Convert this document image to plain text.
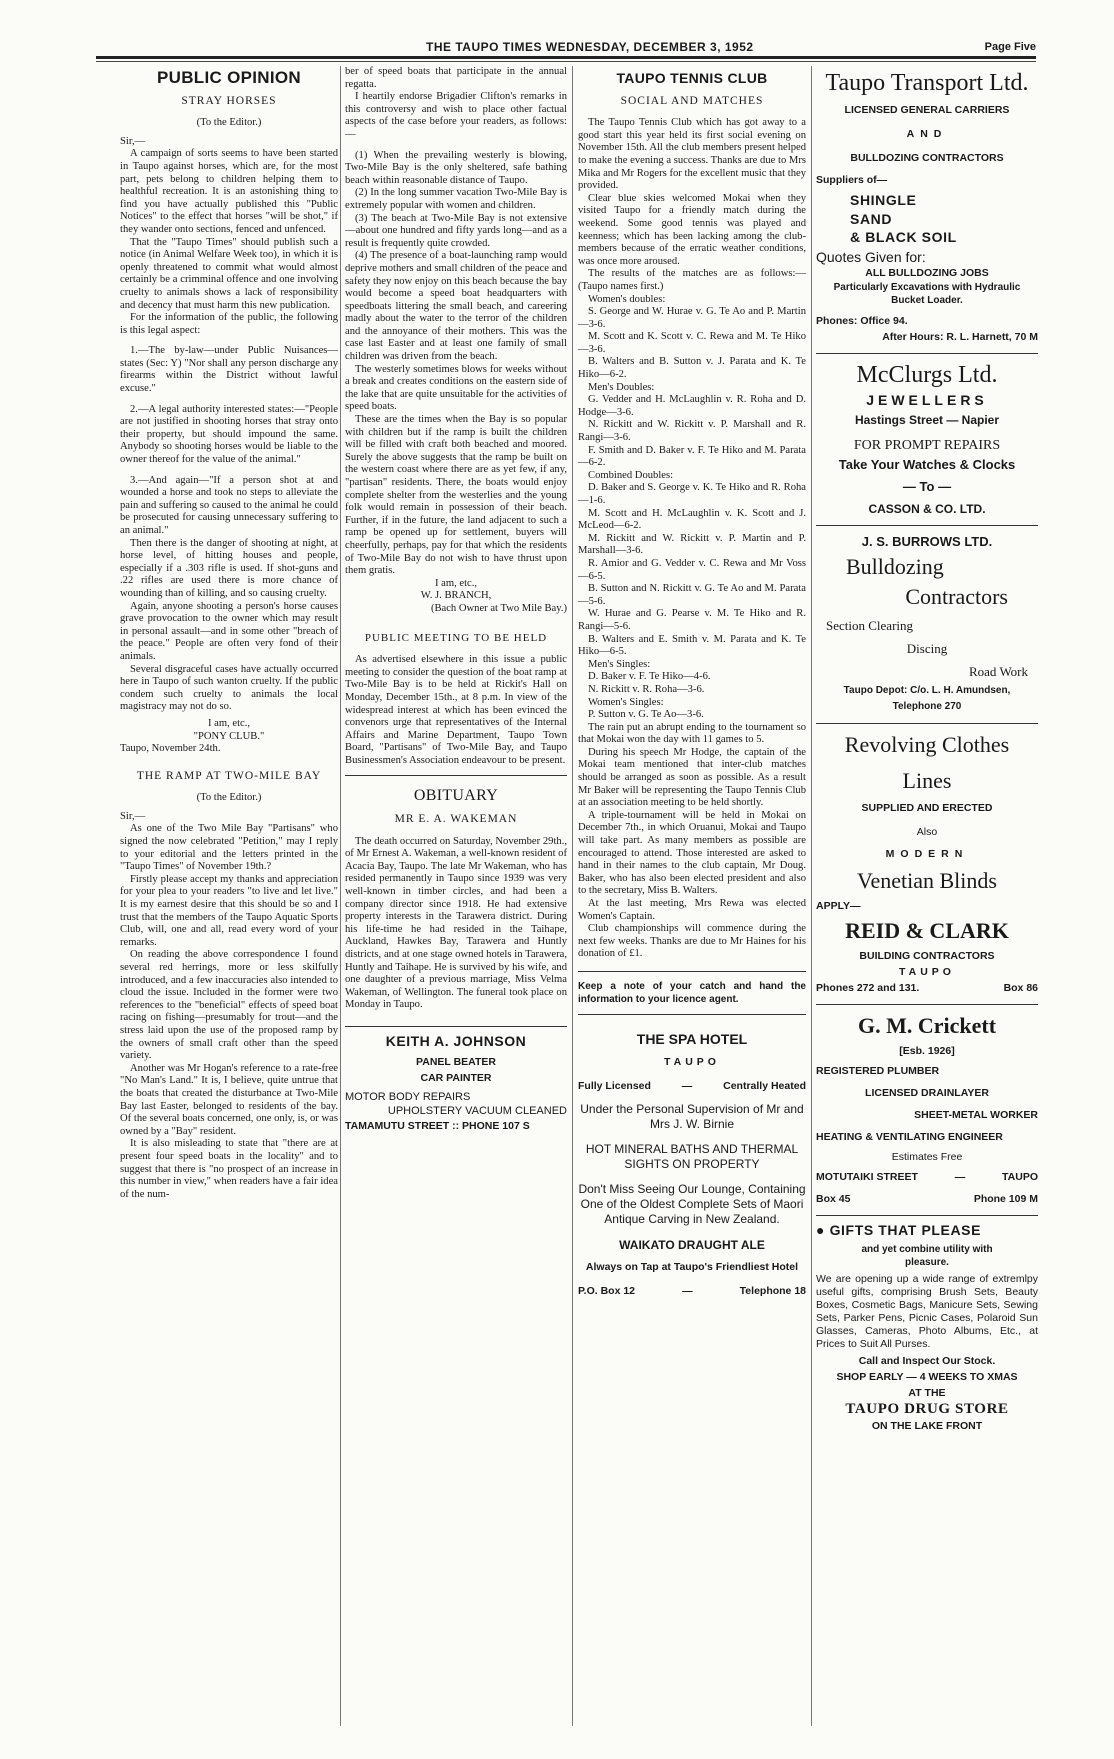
THE TAUPO TIMES WEDNESDAY, DECEMBER 3, 1952	Page Five
PUBLIC OPINION
STRAY HORSES
(To the Editor.)

Sir,—

A campaign of sorts seems to have been started in Taupo against horses, which are, for the most part, pets belong to children helping them to healthful recreation. It is an astonishing thing to find you have actually published this "Public Notices" to the effect that horses "will be shot," if they wander onto sections, fenced and unfenced.

That the "Taupo Times" should publish such a notice (in Animal Welfare Week too), in which it is openly threatened to commit what would almost certainly be a crimminal offence and one involving cruelty to animals shows a lack of responsibility and decency that must harm this new publication.

For the information of the public, the following is this legal aspect:

1.—The by-law—under Public Nuisances—states (Sec: Y) "Nor shall any person discharge any firearms within the District without lawful excuse."

2.—A legal authority interested states:—"People are not justified in shooting horses that stray onto their property, but should impound the same. Anybody so shooting horses would be liable to the owner thereof for the value of the animal."

3.—And again—"If a person shot at and wounded a horse and took no steps to alleviate the pain and suffering so caused to the animal he could be prosecuted for causing unnecessary suffering to an animal."

Then there is the danger of shooting at night, at horse level, of hitting houses and people, especially if a .303 rifle is used. If shot-guns and .22 rifles are used there is more chance of wounding than of killing, and so causing cruelty.

Again, anyone shooting a person's horse causes grave provocation to the owner which may result in personal assault—and in some other "breach of the peace." People are often very fond of their animals.

Several disgraceful cases have actually occurred here in Taupo of such wanton cruelty. If the public condem such cruelty to animals the local magistracy may not do so.

I am, etc.,

"PONY CLUB."

Taupo, November 24th.

THE RAMP AT TWO-MILE BAY
(To the Editor.)

Sir,—

As one of the Two Mile Bay "Partisans" who signed the now celebrated "Petition," may I reply to your editorial and the letters printed in the "Taupo Times" of November 19th.?

Firstly please accept my thanks and appreciation for your plea to your readers "to live and let live." It is my earnest desire that this should be so and I trust that the members of the Taupo Aquatic Sports Club, will, one and all, read every word of your remarks.

On reading the above correspondence I found several red herrings, more or less skilfully introduced, and a few inaccuracies also intended to cloud the issue. Included in the former were two references to the "beneficial" effects of speed boat racing on fishing—presumably for trout—and the stress laid upon the use of the proposed ramp by the owners of small craft other than the speed variety.

Another was Mr Hogan's reference to a rate-free "No Man's Land." It is, I believe, quite untrue that the boats that created the disturbance at Two-Mile Bay last Easter, belonged to residents of the bay. Of the several boats concerned, one only, is, or was owned by a "Bay" resident.

It is also misleading to state that "there are at present four speed boats in the locality" and to suggest that there is "no prospect of an increase in this number in view," when readers have a fair idea of the num-

ber of speed boats that participate in the annual regatta.

I heartily endorse Brigadier Clifton's remarks in this controversy and wish to place other factual aspects of the case before your readers, as follows:—

(1) When the prevailing westerly is blowing, Two-Mile Bay is the only sheltered, safe bathing beach within reasonable distance of Taupo.

(2) In the long summer vacation Two-Mile Bay is extremely popular with women and children.

(3) The beach at Two-Mile Bay is not extensive—about one hundred and fifty yards long—and as a result is frequently quite crowded.

(4) The presence of a boat-launching ramp would deprive mothers and small children of the peace and safety they now enjoy on this beach because the bay would become a speed boat headquarters with speedboats littering the small beach, and careering madly about the water to the terror of the children and the annoyance of their mothers. This was the case last Easter and at least one family of small children was driven from the beach.

The westerly sometimes blows for weeks without a break and creates conditions on the eastern side of the lake that are quite unsuitable for the activities of speed boats.

These are the times when the Bay is so popular with children but if the ramp is built the children will be filled with craft both beached and moored. Surely the above suggests that the ramp be built on the western coast where there are as yet few, if any, "partisan" residents. There, the boats would enjoy complete shelter from the westerlies and the young folk would remain in possession of their beach. Further, if in the future, the land adjacent to such a ramp be opened up for settlement, buyers will cheerfully, perhaps, pay for that which the residents of Two-Mile Bay do not wish to have thrust upon them gratis.

I am, etc.,

W. J. BRANCH,

(Bach Owner at Two Mile Bay.)

PUBLIC MEETING TO BE HELD

As advertised elsewhere in this issue a public meeting to consider the question of the boat ramp at Two-Mile Bay is to be held at Rickit's Hall on Monday, December 15th., at 8 p.m. In view of the widespread interest at which has been evinced the convenors urge that representatives of the Internal Affairs and Marine Department, Taupo Town Board, "Partisans" of Two-Mile Bay, and Taupo Businessmen's Association endeavour to be present.

OBITUARY
MR E. A. WAKEMAN

The death occurred on Saturday, November 29th., of Mr Ernest A. Wakeman, a well-known resident of Acacia Bay, Taupo. The late Mr Wakeman, who has resided permanently in Taupo since 1939 was very well-known in timber circles, and had been a company director since 1918. He had extensive property interests in the Tarawera district. During his life-time he had resided in the Taihape, Auckland, Hawkes Bay, Tarawera and Huntly districts, and at one stage owned hotels in Tarawera, Huntly and Taihape. He is survived by his wife, and one daughter of a previous marriage, Miss Velma Wakeman, of Wellington. The funeral took place on Monday in Taupo.

KEITH A. JOHNSON
PANEL BEATER
CAR PAINTER
MOTOR BODY REPAIRS
UPHOLSTERY VACUUM CLEANED
TAMAMUTU STREET :: PHONE 107 S
TAUPO TENNIS CLUB
SOCIAL AND MATCHES

The Taupo Tennis Club which has got away to a good start this year held its first social evening on November 15th. All the club members present helped to make the evening a success. Thanks are due to Mrs Mika and Mr Rogers for the excellent music that they provided.

Clear blue skies welcomed Mokai when they visited Taupo for a friendly match during the weekend. Some good tennis was played and keenness; which has been lacking among the club-members because of the erratic weather conditions, was once more aroused.

The results of the matches are as follows:— (Taupo names first.)

Women's doubles:

S. George and W. Hurae v. G. Te Ao and P. Martin—3-6.

M. Scott and K. Scott v. C. Rewa and M. Te Hiko—3-6.

B. Walters and B. Sutton v. J. Parata and K. Te Hiko—6-2.

Men's Doubles:

G. Vedder and H. McLaughlin v. R. Roha and D. Hodge—3-6.

N. Rickitt and W. Rickitt v. P. Marshall and R. Rangi—3-6.

F. Smith and D. Baker v. F. Te Hiko and M. Parata—6-2.

Combined Doubles:

D. Baker and S. George v. K. Te Hiko and R. Roha—1-6.

M. Scott and H. McLaughlin v. K. Scott and J. McLeod—6-2.

M. Rickitt and W. Rickitt v. P. Martin and P. Marshall—3-6.

R. Amior and G. Vedder v. C. Rewa and Mr Voss—6-5.

B. Sutton and N. Rickitt v. G. Te Ao and M. Parata—5-6.

W. Hurae and G. Pearse v. M. Te Hiko and R. Rangi—5-6.

B. Walters and E. Smith v. M. Parata and K. Te Hiko—6-5.

Men's Singles:

D. Baker v. F. Te Hiko—4-6.

N. Rickitt v. R. Roha—3-6.

Women's Singles:

P. Sutton v. G. Te Ao—3-6.

The rain put an abrupt ending to the tournament so that Mokai won the day with 11 games to 5.

During his speech Mr Hodge, the captain of the Mokai team mentioned that inter-club matches should be arranged as soon as possible. As a result Mr Baker will be representing the Taupo Tennis Club at an association meeting to be held shortly.

A triple-tournament will be held in Mokai on December 7th., in which Oruanui, Mokai and Taupo will take part. As many members as possible are encouraged to attend. Those interested are asked to hand in their names to the club captain, Mr Doug. Baker, who has also been elected president and also to the secretary, Miss B. Walters.

At the last meeting, Mrs Rewa was elected Women's Captain.

Club championships will commence during the next few weeks. Thanks are due to Mr Haines for his donation of £1.

Keep a note of your catch and hand the information to your licence agent.
THE SPA HOTEL
TAUPO
Fully Licensed	—	Centrally Heated
Under the Personal Supervision of Mr and Mrs J. W. Birnie
HOT MINERAL BATHS AND THERMAL SIGHTS ON PROPERTY
Don't Miss Seeing Our Lounge, Containing One of the Oldest Complete Sets of Maori Antique Carving in New Zealand.
WAIKATO DRAUGHT ALE
Always on Tap at Taupo's Friendliest Hotel
P.O. Box 12	—	Telephone 18
Taupo Transport Ltd.
LICENSED GENERAL CARRIERS
AND
BULLDOZING CONTRACTORS
Suppliers of—
SHINGLE
SAND
& BLACK SOIL
Quotes Given for:
ALL BULLDOZING JOBS
Particularly Excavations with Hydraulic Bucket Loader.
Phones: Office 94.
After Hours: R. L. Harnett, 70 M
McClurgs Ltd.
JEWELLERS
Hastings Street — Napier
FOR PROMPT REPAIRS
Take Your Watches & Clocks
— To —
CASSON & CO. LTD.
J. S. BURROWS LTD.
Bulldozing
Contractors
Section Clearing
Discing
Road Work
Taupo Depot: C/o. L. H. Amundsen,
Telephone 270
Revolving Clothes
Lines
SUPPLIED AND ERECTED
Also
MODERN
Venetian Blinds
APPLY—
REID & CLARK
BUILDING CONTRACTORS
TAUPO
Phones 272 and 131.	Box 86
G. M. Crickett
[Esb. 1926]
REGISTERED PLUMBER
LICENSED DRAINLAYER
SHEET-METAL WORKER
HEATING & VENTILATING ENGINEER
Estimates Free
MOTUTAIKI STREET	—	TAUPO
Box 45	Phone 109 M
● GIFTS THAT PLEASE
and yet combine utility with pleasure.
We are opening up a wide range of extremlpy useful gifts, comprising Brush Sets, Beauty Boxes, Cosmetic Bags, Manicure Sets, Sewing Sets, Parker Pens, Picnic Cases, Polaroid Sun Glasses, Cameras, Photo Albums, Etc., at Prices to Suit All Purses.
Call and Inspect Our Stock.
SHOP EARLY — 4 WEEKS TO XMAS
AT THE
TAUPO DRUG STORE
ON THE LAKE FRONT
